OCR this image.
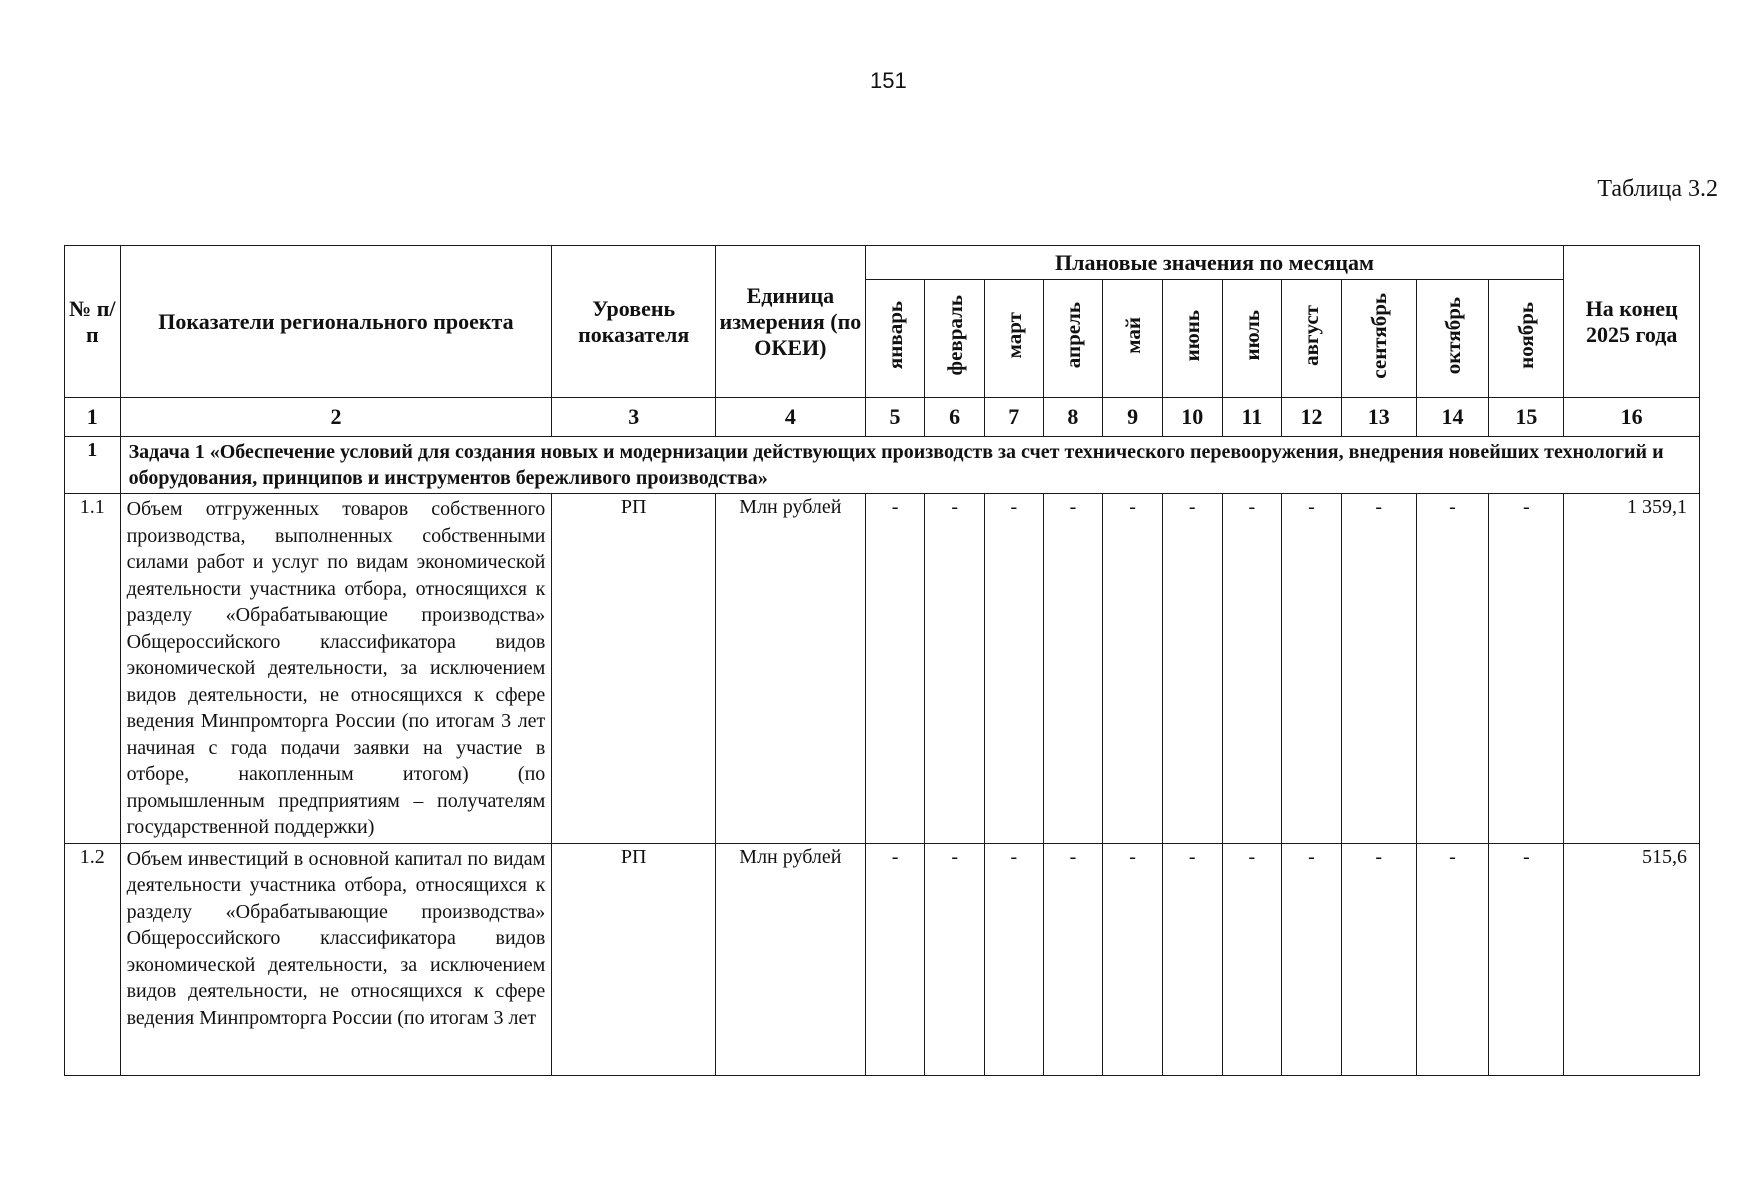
151
Таблица 3.2
№ п/п	Показатели регионального проекта	Уровень показателя	Единица измерения (по ОКЕИ)	Плановые значения по месяцам											На конец 2025 года
				январь	февраль	март	апрель	май	июнь	июль	август	сентябрь	октябрь	ноябрь	
1	2	3	4	5	6	7	8	9	10	11	12	13	14	15	16
1	Задача 1 «Обеспечение условий для создания новых и модернизации действующих производств за счет технического перевооружения, внедрения новейших технологий и оборудования, принципов и инструментов бережливого производства»														
1.1	Объем отгруженных товаров собственного производства, выполненных собственными силами работ и услуг по видам экономической деятельности участника отбора, относящихся к разделу «Обрабатывающие производства» Общероссийского классификатора видов экономической деятельности, за исключением видов деятельности, не относящихся к сфере ведения Минпромторга России (по итогам 3 лет начиная с года подачи заявки на участие в отборе, накопленным итогом) (по промышленным предприятиям – получателям государственной поддержки)	РП	Млн рублей	-	-	-	-	-	-	-	-	-	-	-	1 359,1
1.2	Объем инвестиций в основной капитал по видам деятельности участника отбора, относящихся к разделу «Обрабатывающие производства» Общероссийского классификатора видов экономической деятельности, за исключением видов деятельности, не относящихся к сфере ведения Минпромторга России (по итогам 3 лет	РП	Млн рублей	-	-	-	-	-	-	-	-	-	-	-	515,6
